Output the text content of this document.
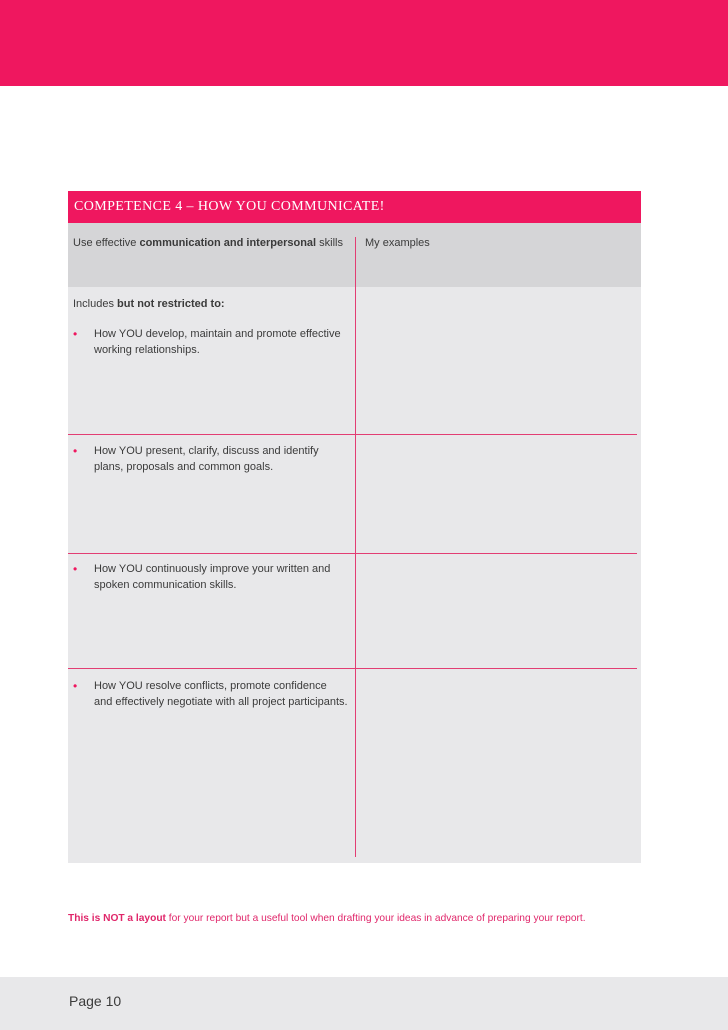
COMPETENCE 4 – HOW YOU COMMUNICATE!
Use effective communication and interpersonal skills My examples
Includes but not restricted to:
• How YOU develop, maintain and promote effective working relationships.
• How YOU present, clarify, discuss and identify plans, proposals and common goals.
• How YOU continuously improve your written and spoken communication skills.
• How YOU resolve conflicts, promote confidence and effectively negotiate with all project participants.
This is NOT a layout for your report but a useful tool when drafting your ideas in advance of preparing your report.
Page 10
